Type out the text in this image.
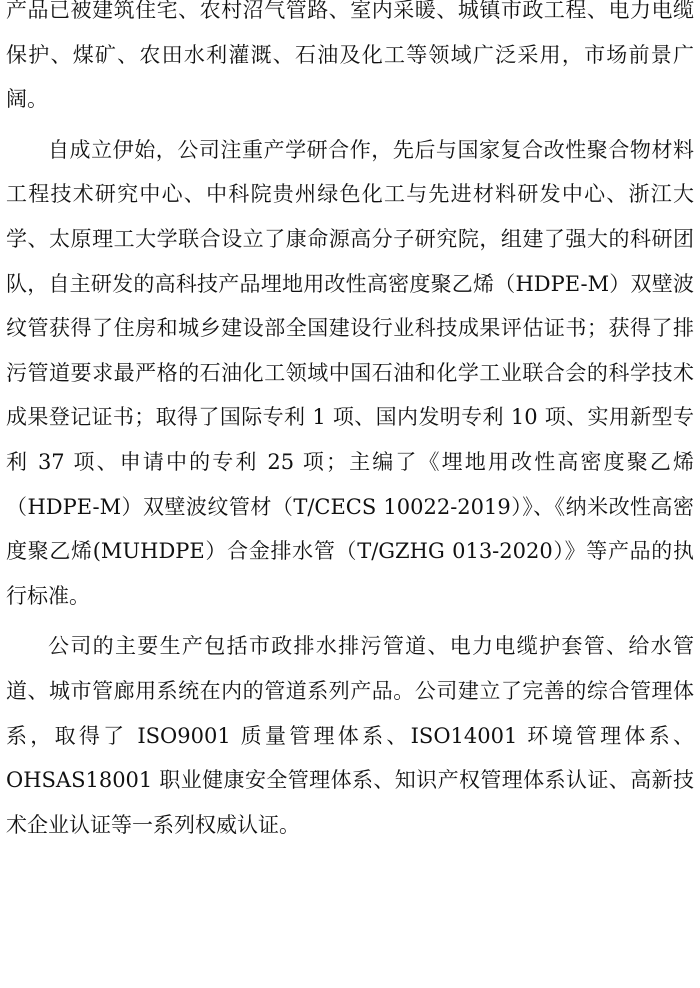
产品已被建筑住宅、农村沼气管路、室内采暖、城镇市政工程、电力电缆保护、煤矿、农田水利灌溉、石油及化工等领域广泛采用，市场前景广阔。

自成立伊始，公司注重产学研合作，先后与国家复合改性聚合物材料工程技术研究中心、中科院贵州绿色化工与先进材料研发中心、浙江大学、太原理工大学联合设立了康命源高分子研究院，组建了强大的科研团队，自主研发的高科技产品埋地用改性高密度聚乙烯（HDPE-M）双壁波纹管获得了住房和城乡建设部全国建设行业科技成果评估证书；获得了排污管道要求最严格的石油化工领域中国石油和化学工业联合会的科学技术成果登记证书；取得了国际专利 1 项、国内发明专利 10 项、实用新型专利 37 项、申请中的专利 25 项；主编了《埋地用改性高密度聚乙烯（HDPE-M）双壁波纹管材（T/CECS 10022-2019）》、《纳米改性高密度聚乙烯(MUHDPE）合金排水管（T/GZHG 013-2020）》等产品的执行标准。

公司的主要生产包括市政排水排污管道、电力电缆护套管、给水管道、城市管廊用系统在内的管道系列产品。公司建立了完善的综合管理体系，取得了 ISO9001 质量管理体系、ISO14001 环境管理体系、OHSAS18001 职业健康安全管理体系、知识产权管理体系认证、高新技术企业认证等一系列权威认证。
